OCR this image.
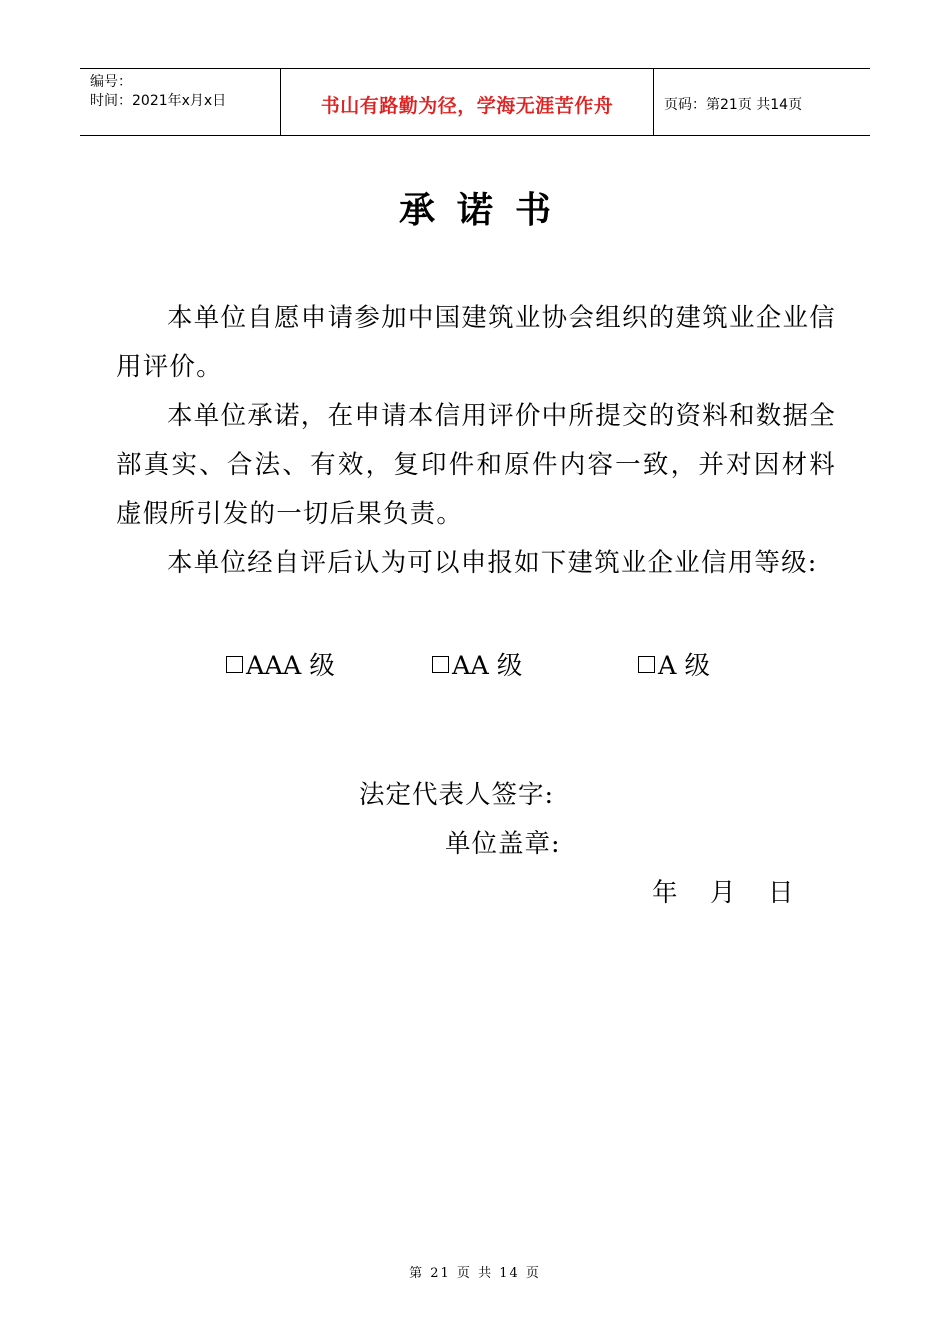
编号：
时间：2021年x月x日	书山有路勤为径，学海无涯苦作舟	页码：第21页 共14页
承诺书

本单位自愿申请参加中国建筑业协会组织的建筑业企业信用评价。

本单位承诺，在申请本信用评价中所提交的资料和数据全部真实、合法、有效，复印件和原件内容一致，并对因材料虚假所引发的一切后果负责。

本单位经自评后认为可以申报如下建筑业企业信用等级:

AAA 级	AA 级	A 级
法定代表人签字:
单位盖章:
年	月	日
第 21 页 共 14 页
